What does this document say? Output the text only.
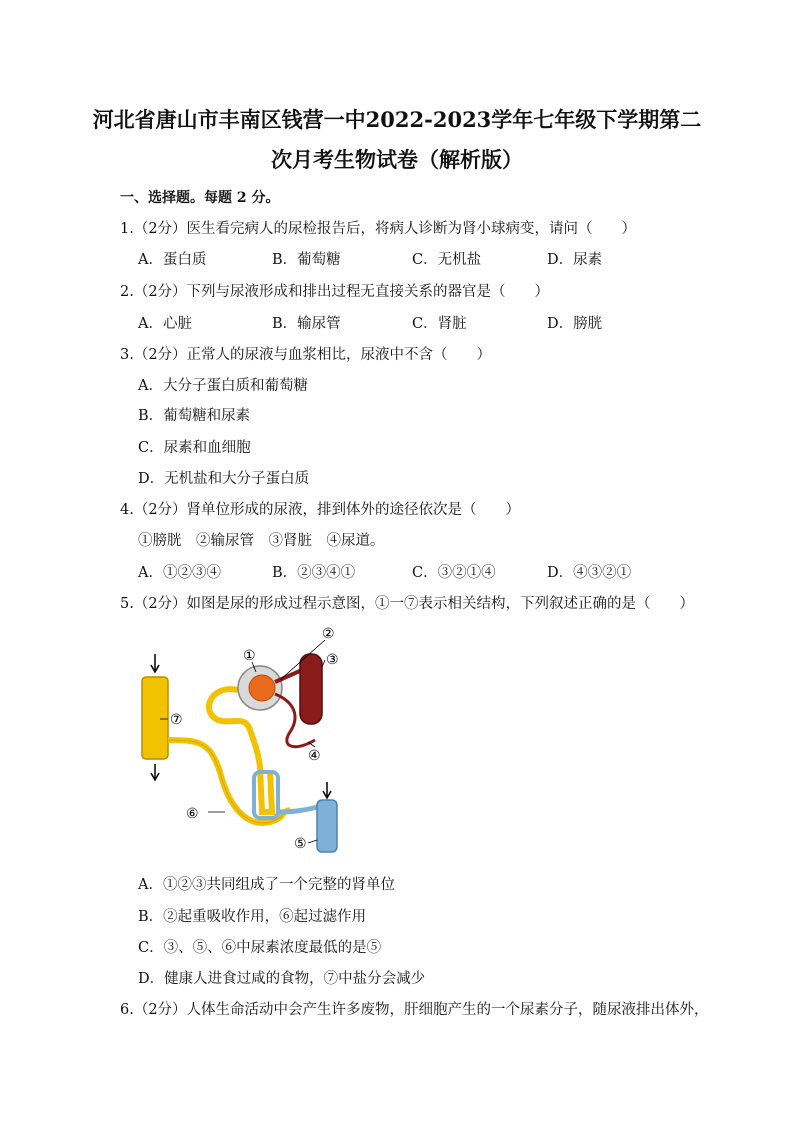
河北省唐山市丰南区钱营一中2022-2023学年七年级下学期第二
次月考生物试卷（解析版）
一、选择题。每题 2 分。
1.（2分）医生看完病人的尿检报告后，将病人诊断为肾小球病变，请问（　　）
A．蛋白质	B．葡萄糖	C．无机盐	D．尿素
2.（2分）下列与尿液形成和排出过程无直接关系的器官是（　　）
A．心脏	B．输尿管	C．肾脏	D．膀胱
3.（2分）正常人的尿液与血浆相比，尿液中不含（　　）
A．大分子蛋白质和葡萄糖
B．葡萄糖和尿素
C．尿素和血细胞
D．无机盐和大分子蛋白质
4.（2分）肾单位形成的尿液，排到体外的途径依次是（　　）
①膀胱　②输尿管　③肾脏　④尿道。
A．①②③④	B．②③④①	C．③②①④	D．④③②①
5.（2分）如图是尿的形成过程示意图，①一⑦表示相关结构，下列叙述正确的是（　　）
①
②
③
④
⑤
⑥
⑦
A．①②③共同组成了一个完整的肾单位
B．②起重吸收作用，⑥起过滤作用
C．③、⑤、⑥中尿素浓度最低的是⑤
D．健康人进食过咸的食物，⑦中盐分会减少
6.（2分）人体生命活动中会产生许多废物，肝细胞产生的一个尿素分子，随尿液排出体外，
